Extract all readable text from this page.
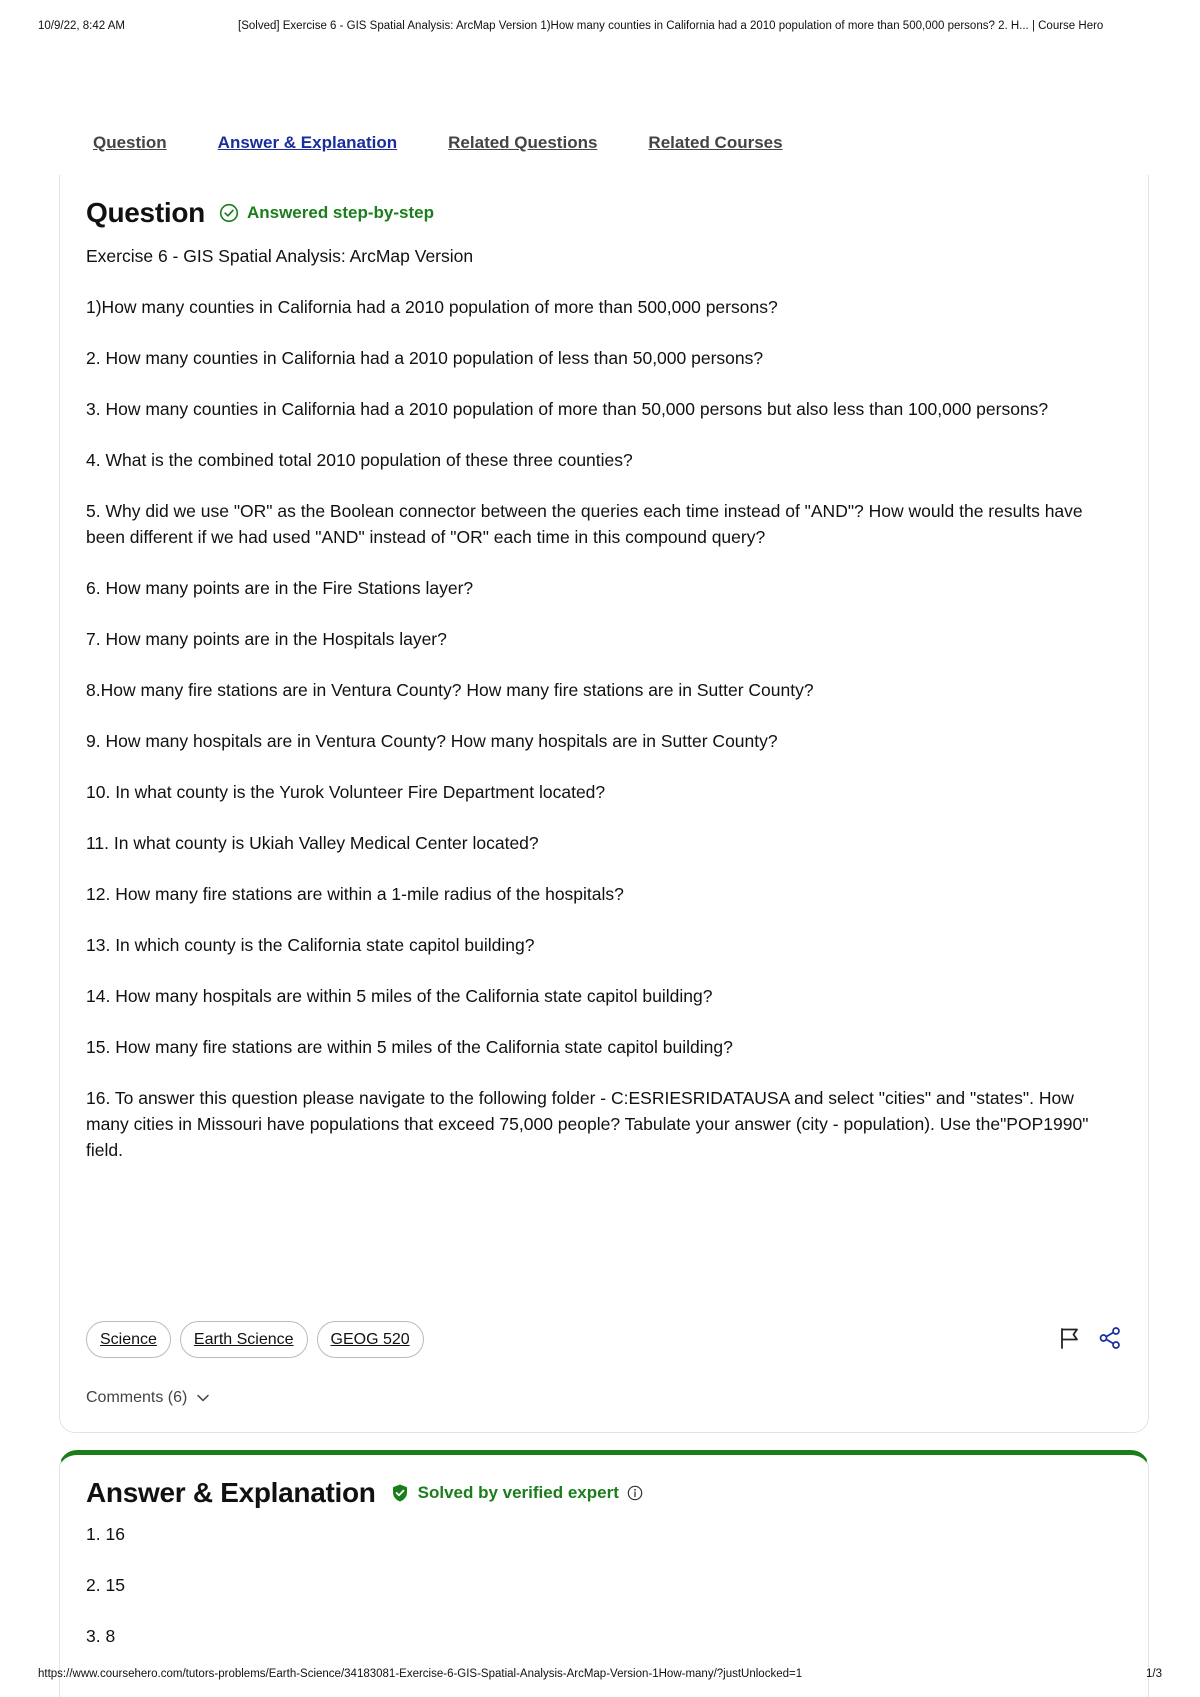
10/9/22, 8:42 AM	[Solved] Exercise 6 - GIS Spatial Analysis: ArcMap Version 1)How many counties in California had a 2010 population of more than 500,000 persons? 2. H... | Course Hero
Question	Answer & Explanation	Related Questions	Related Courses
Question Answered step-by-step
Exercise 6 - GIS Spatial Analysis: ArcMap Version
1)How many counties in California had a 2010 population of more than 500,000 persons?
2. How many counties in California had a 2010 population of less than 50,000 persons?
3. How many counties in California had a 2010 population of more than 50,000 persons but also less than 100,000 persons?
4. What is the combined total 2010 population of these three counties?
5. Why did we use "OR" as the Boolean connector between the queries each time instead of "AND"? How would the results have been different if we had used "AND" instead of "OR" each time in this compound query?
6. How many points are in the Fire Stations layer?
7. How many points are in the Hospitals layer?
8.How many fire stations are in Ventura County? How many fire stations are in Sutter County?
9. How many hospitals are in Ventura County? How many hospitals are in Sutter County?
10. In what county is the Yurok Volunteer Fire Department located?
11. In what county is Ukiah Valley Medical Center located?
12. How many fire stations are within a 1-mile radius of the hospitals?
13. In which county is the California state capitol building?
14. How many hospitals are within 5 miles of the California state capitol building?
15. How many fire stations are within 5 miles of the California state capitol building?
16. To answer this question please navigate to the following folder - C:ESRIESRIDATAUSA and select "cities" and "states". How many cities in Missouri have populations that exceed 75,000 people? Tabulate your answer (city - population). Use the"POP1990" field.
Science	Earth Science	GEOG 520
Comments (6)
Answer & Explanation Solved by verified expert
1. 16
2. 15
3. 8
https://www.coursehero.com/tutors-problems/Earth-Science/34183081-Exercise-6-GIS-Spatial-Analysis-ArcMap-Version-1How-many/?justUnlocked=1	1/3
